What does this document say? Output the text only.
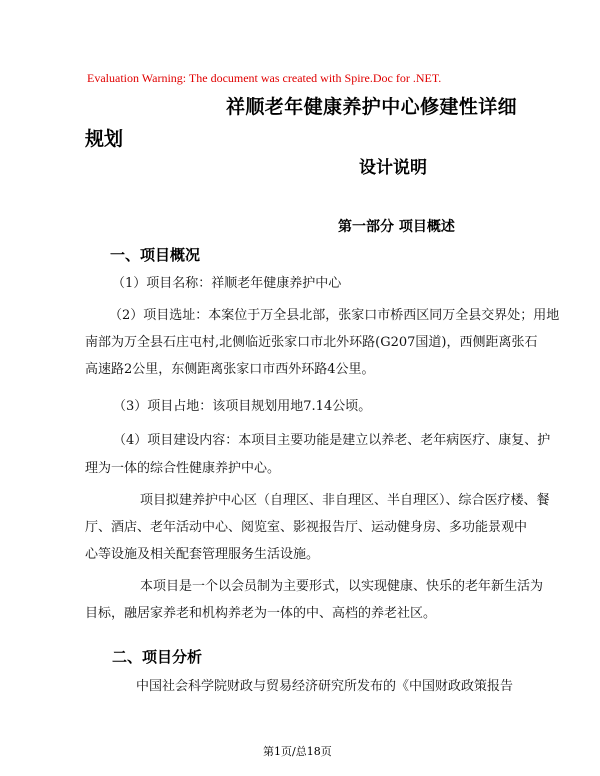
Evaluation Warning: The document was created with Spire.Doc for .NET.
祥顺老年健康养护中心修建性详细
规划
设计说明
第一部分 项目概述
一、项目概况
（1）项目名称：祥顺老年健康养护中心
（2）项目选址：本案位于万全县北部，张家口市桥西区同万全县交界处；用地
南部为万全县石庄屯村,北侧临近张家口市北外环路(G207国道)，西侧距离张石
高速路2公里，东侧距离张家口市西外环路4公里。
（3）项目占地：该项目规划用地7.14公顷。
（4）项目建设内容：本项目主要功能是建立以养老、老年病医疗、康复、护
理为一体的综合性健康养护中心。
项目拟建养护中心区（自理区、非自理区、半自理区）、综合医疗楼、餐
厅、酒店、老年活动中心、阅览室、影视报告厅、运动健身房、多功能景观中
心等设施及相关配套管理服务生活设施。
本项目是一个以会员制为主要形式，以实现健康、快乐的老年新生活为
目标，融居家养老和机构养老为一体的中、高档的养老社区。
二、项目分析
中国社会科学院财政与贸易经济研究所发布的《中国财政政策报告
第1页/总18页
